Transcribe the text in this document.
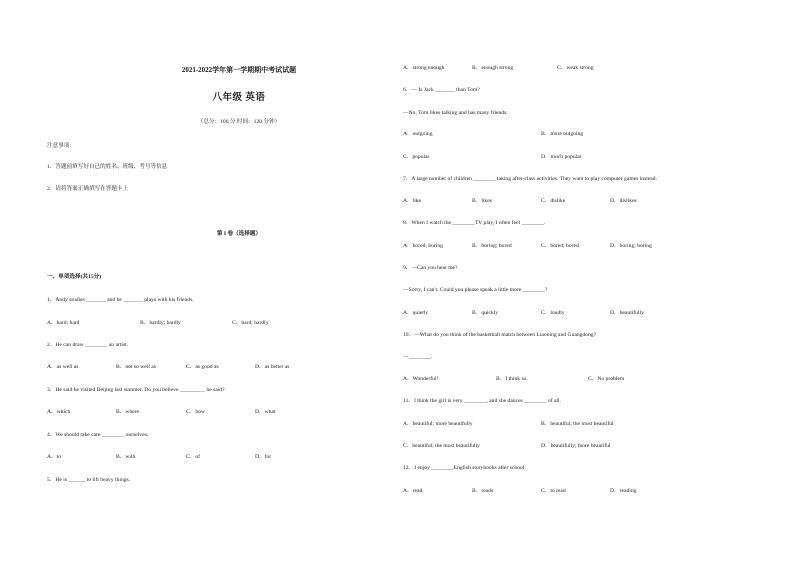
2021-2022学年第一学期期中考试试题
八年级 英语
（总分：100 分 时间：120 分钟）
注意事项：
1．答题前填写好自己的姓名、班级、考号等信息
2．请将答案正确填写在答题卡上
第 I 卷（选择题）
一、单项选择(共15分)
1．Andy studies _______ and he _______ plays with his friends.
A．hard; hard	B．hardly; hardly	C．hard; hardly
2．He can draw ________ an artist.
A．as well as	B．not so well as	C．as good as	D．as better as
3．He said he visited Beijing last summer. Do you believe _________ he said?
A．which	B．where	C．how	D．what
4．We should take care ________ ourselves.
A．to	B．with	C．of	D．for
5．He is ______ to lift heavy things.
A．strong enough	B．enough strong	C．weak strong
6．— Is Jack _______ than Tom?
—No, Tom likes talking and has many friends.
A．outgoing	B．more outgoing
C．popular	D．much popular
7．A large number of children ________ taking after-class activities. They want to play computer games instead.
A．like	B．likes	C．dislike	D．dislikes
8．When I watch the ________TV play, I often feel ________.
A．bored; boring	B．boring; bored	C．bored; bored	D．boring; boring
9．—Can you hear me?
—Sorry, I can't. Could you please speak a little more ________?
A．quietly	B．quickly	C．loudly	D．beautifully
10．—What do you think of the basketball match between Liaoning and Guangdong?
—________.
A．Wonderful!	B．I think so.	C．No problem
11．I think the girl is very ________, and she dances ________ of all.
A．beautiful; more beautifully	B．beautiful; the most beautiful
C．beautiful; the most beautifully	D．beautifully; more beautiful
12．I enjoy ________English storybooks after school.
A．read	B．reads	C．to read	D．reading
